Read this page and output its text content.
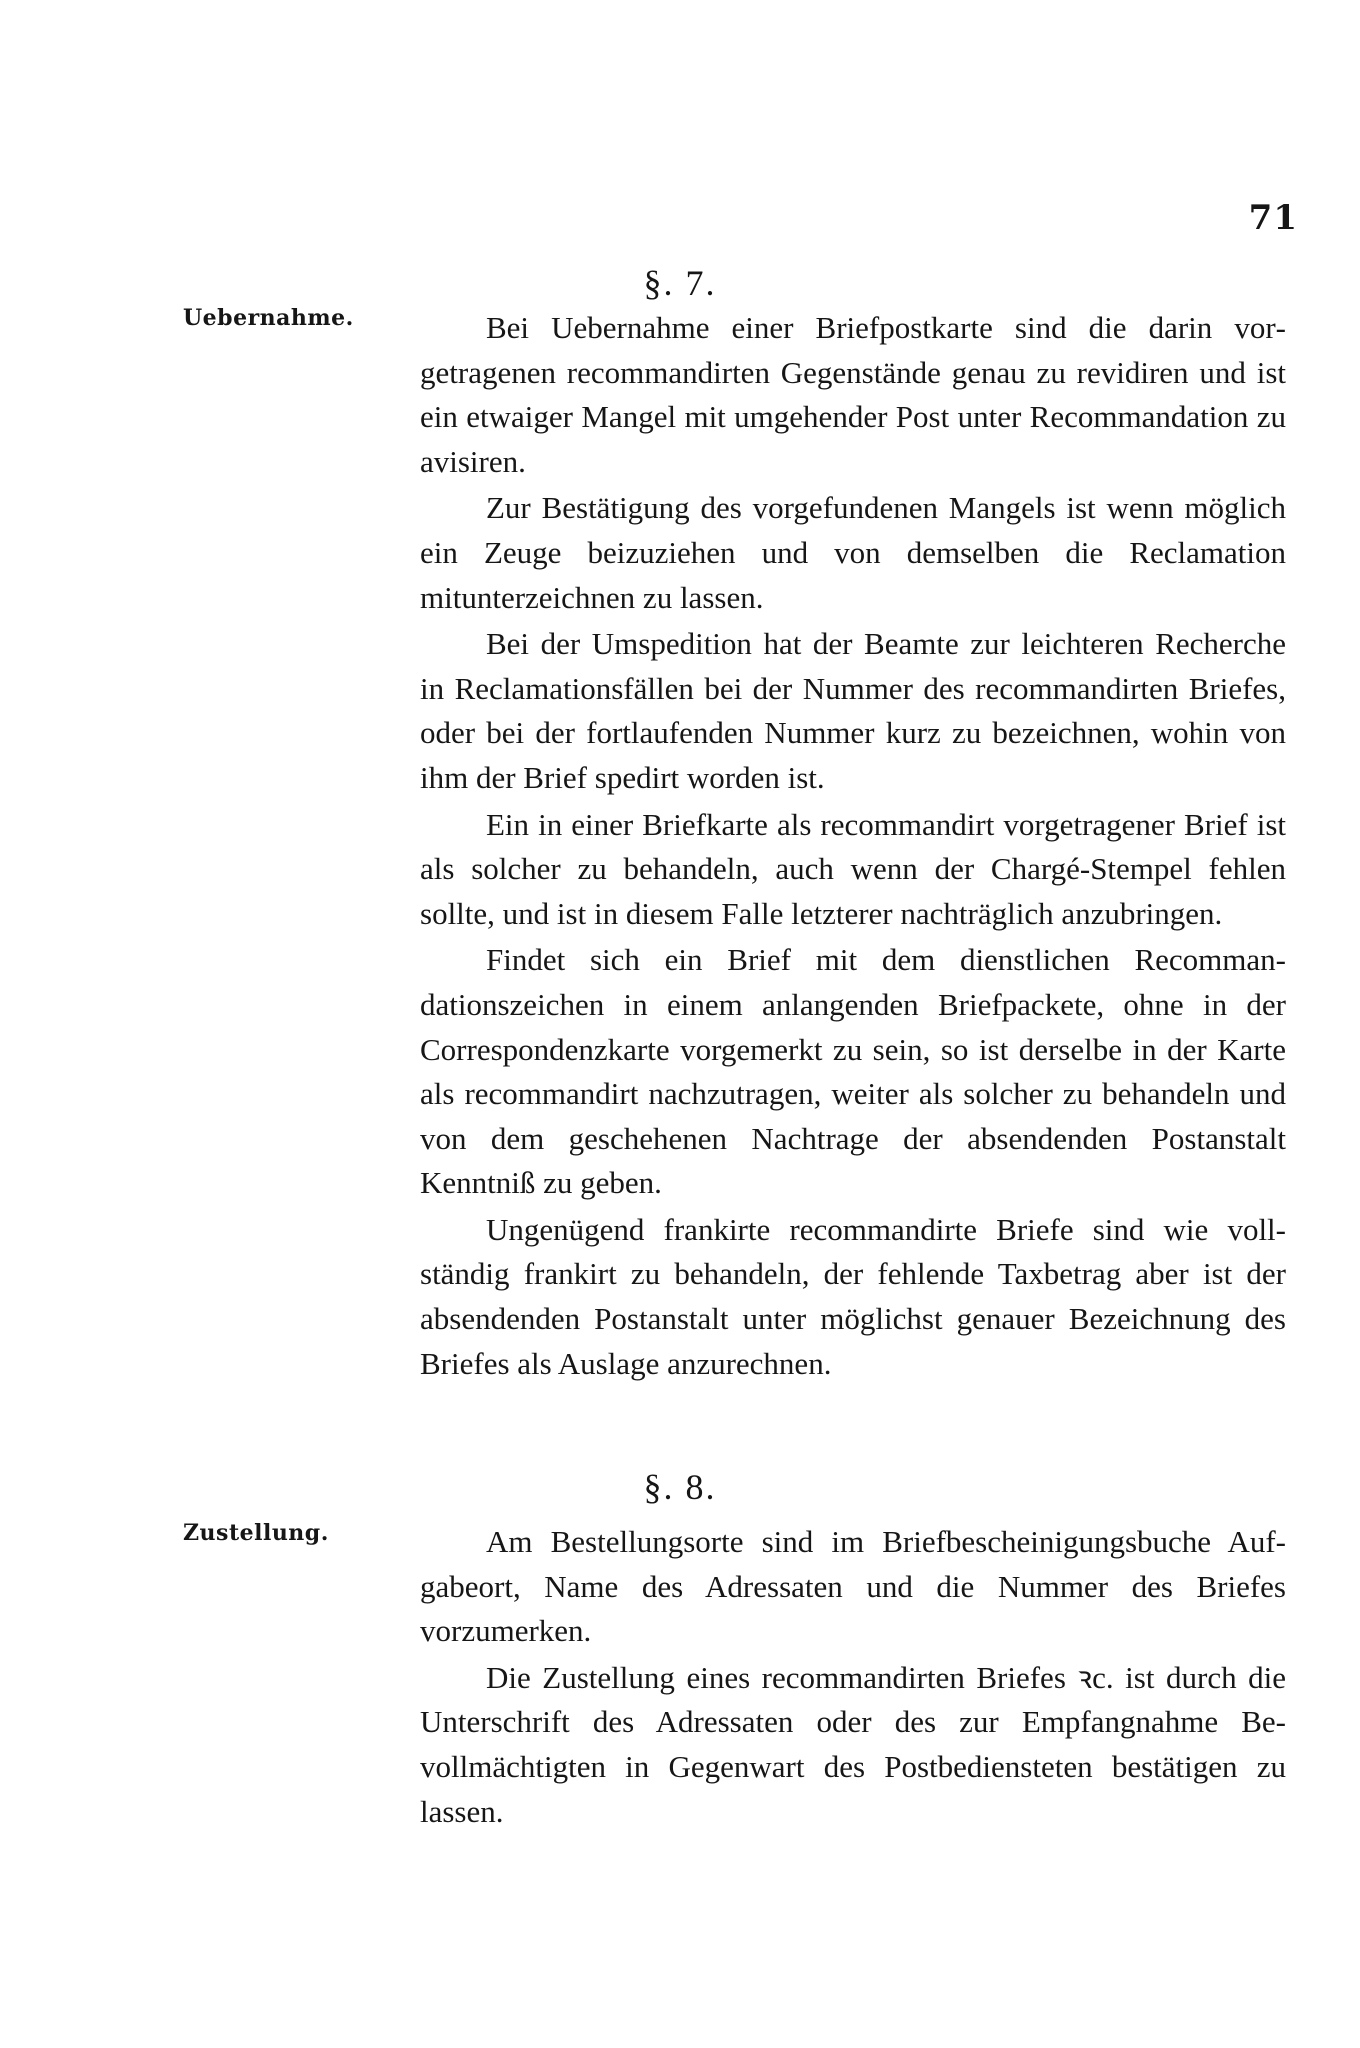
71
§. 7.
Uebernahme.	Bei Uebernahme einer Briefpostkarte sind die darin vorgetragenen recommandirten Gegenstände genau zu revidiren und ist ein etwaiger Mangel mit umgehender Post unter Recommandation zu avisiren.

Zur Bestätigung des vorgefundenen Mangels ist wenn möglich ein Zeuge beizuziehen und von demselben die Reclamation mitunterzeichnen zu lassen.

Bei der Umspedition hat der Beamte zur leichteren Recherche in Reclamationsfällen bei der Nummer des recommandirten Briefes, oder bei der fortlaufenden Nummer kurz zu bezeichnen, wohin von ihm der Brief spedirt worden ist.

Ein in einer Briefkarte als recommandirt vorgetragener Brief ist als solcher zu behandeln, auch wenn der Chargé-Stempel fehlen sollte, und ist in diesem Falle letzterer nachträglich anzubringen.

Findet sich ein Brief mit dem dienstlichen Recommandationszeichen in einem anlangenden Briefpackete, ohne in der Correspondenzkarte vorgemerkt zu sein, so ist derselbe in der Karte als recommandirt nachzutragen, weiter als solcher zu behandeln und von dem geschehenen Nachtrage der absendenden Postanstalt Kenntniß zu geben.

Ungenügend frankirte recommandirte Briefe sind wie vollständig frankirt zu behandeln, der fehlende Taxbetrag aber ist der absendenden Postanstalt unter möglichst genauer Bezeichnung des Briefes als Auslage anzurechnen.

§. 8.
Zustellung.	Am Bestellungsorte sind im Briefbescheinigungsbuche Aufgabeort, Name des Adressaten und die Nummer des Briefes vorzumerken.

Die Zustellung eines recommandirten Briefes ꝛc. ist durch die Unterschrift des Adressaten oder des zur Empfangnahme Bevollmächtigten in Gegenwart des Postbediensteten bestätigen zu lassen.
